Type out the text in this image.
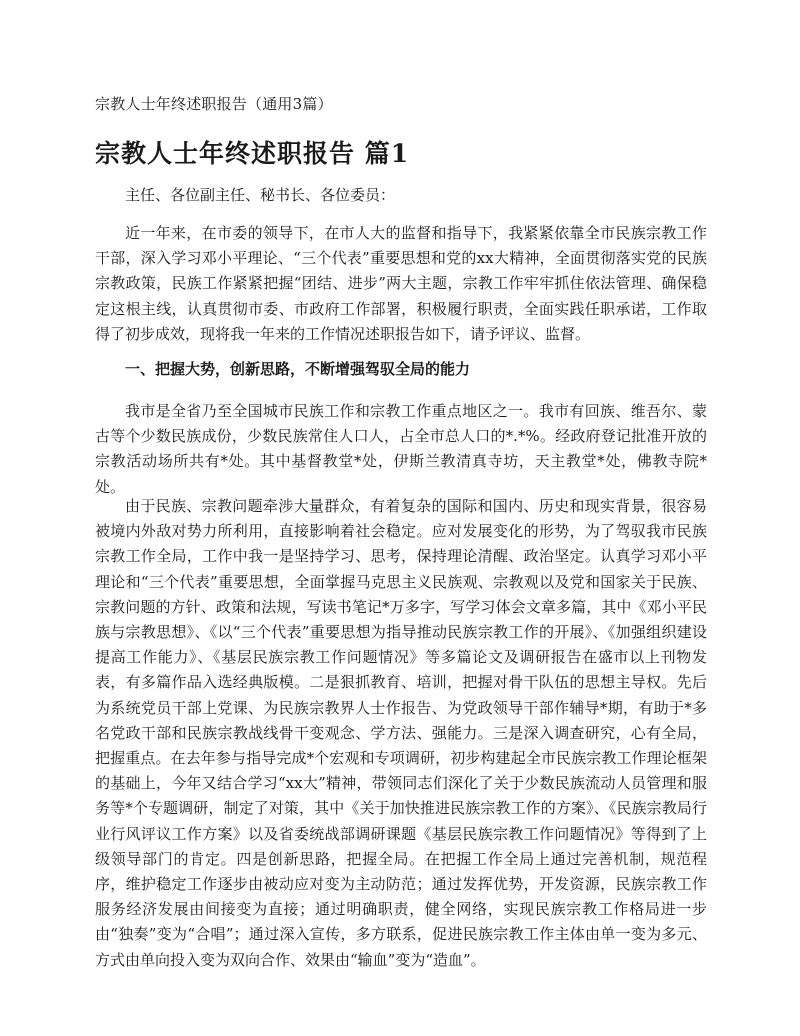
宗教人士年终述职报告（通用3篇）
宗教人士年终述职报告 篇1

主任、各位副主任、秘书长、各位委员：

近一年来，在市委的领导下，在市人大的监督和指导下，我紧紧依靠全市民族宗教工作干部，深入学习邓小平理论、“三个代表”重要思想和党的xx大精神，全面贯彻落实党的民族宗教政策，民族工作紧紧把握“团结、进步”两大主题，宗教工作牢牢抓住依法管理、确保稳定这根主线，认真贯彻市委、市政府工作部署，积极履行职责，全面实践任职承诺，工作取得了初步成效，现将我一年来的工作情况述职报告如下，请予评议、监督。

一、把握大势，创新思路，不断增强驾驭全局的能力

我市是全省乃至全国城市民族工作和宗教工作重点地区之一。我市有回族、维吾尔、蒙古等个少数民族成份，少数民族常住人口人，占全市总人口的*.*%。经政府登记批准开放的宗教活动场所共有*处。其中基督教堂*处，伊斯兰教清真寺坊，天主教堂*处，佛教寺院*处。

由于民族、宗教问题牵涉大量群众，有着复杂的国际和国内、历史和现实背景，很容易被境内外敌对势力所利用，直接影响着社会稳定。应对发展变化的形势，为了驾驭我市民族宗教工作全局，工作中我一是坚持学习、思考，保持理论清醒、政治坚定。认真学习邓小平理论和“三个代表”重要思想，全面掌握马克思主义民族观、宗教观以及党和国家关于民族、宗教问题的方针、政策和法规，写读书笔记*万多字，写学习体会文章多篇，其中《邓小平民族与宗教思想》、《以“三个代表”重要思想为指导推动民族宗教工作的开展》、《加强组织建设提高工作能力》、《基层民族宗教工作问题情况》等多篇论文及调研报告在盛市以上刊物发表，有多篇作品入选经典版模。二是狠抓教育、培训，把握对骨干队伍的思想主导权。先后为系统党员干部上党课、为民族宗教界人士作报告、为党政领导干部作辅导*期，有助于*多名党政干部和民族宗教战线骨干变观念、学方法、强能力。三是深入调查研究，心有全局，把握重点。在去年参与指导完成*个宏观和专项调研，初步构建起全市民族宗教工作理论框架的基础上，今年又结合学习“xx大”精神，带领同志们深化了关于少数民族流动人员管理和服务等*个专题调研，制定了对策，其中《关于加快推进民族宗教工作的方案》、《民族宗教局行业行风评议工作方案》以及省委统战部调研课题《基层民族宗教工作问题情况》等得到了上级领导部门的肯定。四是创新思路，把握全局。在把握工作全局上通过完善机制，规范程序，维护稳定工作逐步由被动应对变为主动防范；通过发挥优势，开发资源，民族宗教工作服务经济发展由间接变为直接；通过明确职责，健全网络，实现民族宗教工作格局进一步由“独奏”变为“合唱”；通过深入宣传，多方联系，促进民族宗教工作主体由单一变为多元、方式由单向投入变为双向合作、效果由“输血”变为“造血”。
